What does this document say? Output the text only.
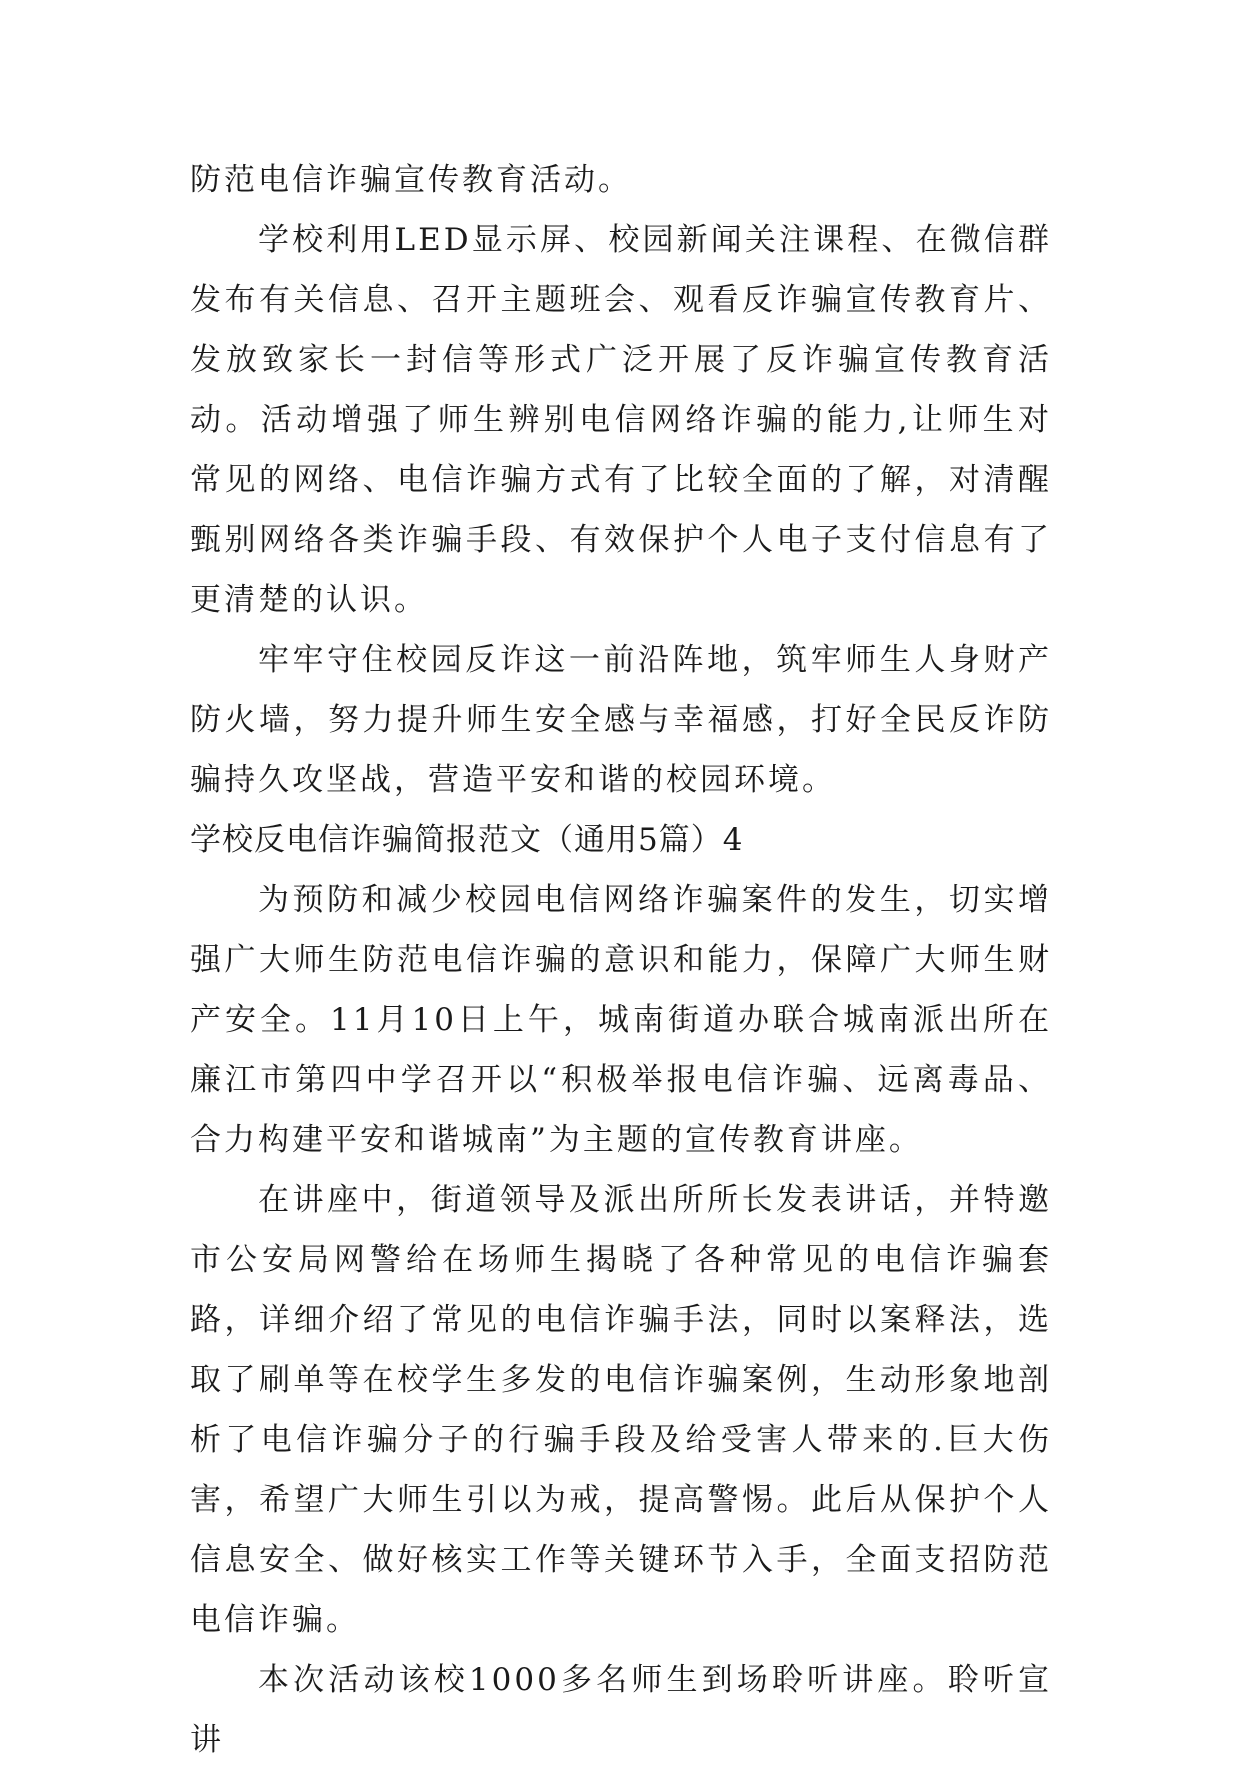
防范电信诈骗宣传教育活动。

学校利用LED显示屏、校园新闻关注课程、在微信群发布有关信息、召开主题班会、观看反诈骗宣传教育片、发放致家长一封信等形式广泛开展了反诈骗宣传教育活动。活动增强了师生辨别电信网络诈骗的能力,让师生对常见的网络、电信诈骗方式有了比较全面的了解，对清醒甄别网络各类诈骗手段、有效保护个人电子支付信息有了更清楚的认识。

牢牢守住校园反诈这一前沿阵地，筑牢师生人身财产防火墙，努力提升师生安全感与幸福感，打好全民反诈防骗持久攻坚战，营造平安和谐的校园环境。

学校反电信诈骗简报范文（通用5篇）4

为预防和减少校园电信网络诈骗案件的发生，切实增强广大师生防范电信诈骗的意识和能力，保障广大师生财产安全。11月10日上午，城南街道办联合城南派出所在廉江市第四中学召开以“积极举报电信诈骗、远离毒品、合力构建平安和谐城南”为主题的宣传教育讲座。

在讲座中，街道领导及派出所所长发表讲话，并特邀市公安局网警给在场师生揭晓了各种常见的电信诈骗套路，详细介绍了常见的电信诈骗手法，同时以案释法，选取了刷单等在校学生多发的电信诈骗案例，生动形象地剖析了电信诈骗分子的行骗手段及给受害人带来的.巨大伤害，希望广大师生引以为戒，提高警惕。此后从保护个人信息安全、做好核实工作等关键环节入手，全面支招防范电信诈骗。

本次活动该校1000多名师生到场聆听讲座。聆听宣讲
